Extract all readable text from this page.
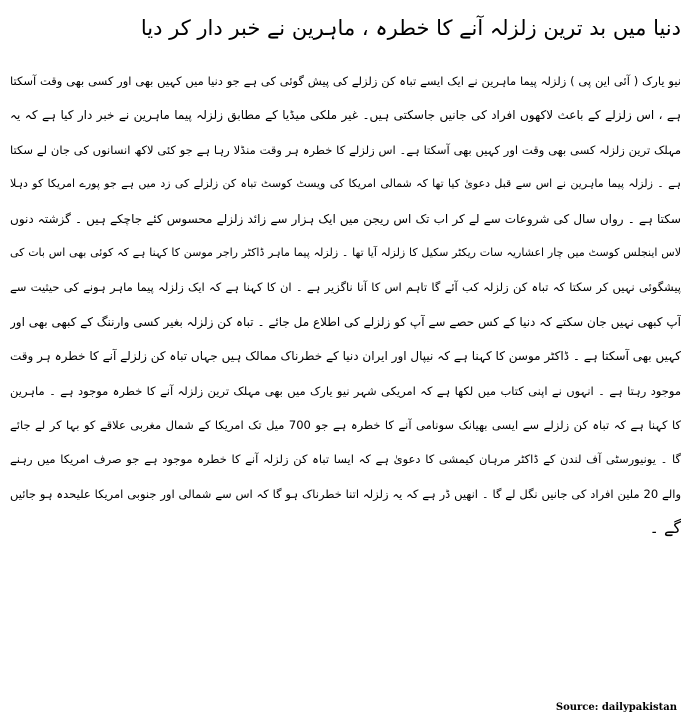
دنیا میں بد ترین زلزلہ آنے کا خطرہ ، ماہرین نے خبر دار کر دیا
نیو یارک ( آئی این پی ) زلزلہ پیما ماہرین نے ایک ایسے تباہ کن زلزلے کی پیش گوئی کی ہے جو دنیا میں کہیں بھی اور کسی بھی وقت آسکتا
ہے ، اس زلزلے کے باعث لاکھوں افراد کی جانیں جاسکتی ہیں۔ غیر ملکی میڈیا کے مطابق زلزلہ پیما ماہرین نے خبر دار کیا ہے کہ یہ
مہلک ترین زلزلہ کسی بھی وقت اور کہیں بھی آسکتا ہے۔ اس زلزلے کا خطرہ ہر وقت منڈلا رہا ہے جو کئی لاکھ انسانوں کی جان لے سکتا
ہے ۔ زلزلہ پیما ماہرین نے اس سے قبل دعویٰ کیا تھا کہ شمالی امریکا کی ویسٹ کوسٹ تباہ کن زلزلے کی زد میں ہے جو پورے امریکا کو دہلا
سکتا ہے ۔ رواں سال کی شروعات سے لے کر اب تک اس ریجن میں ایک ہزار سے زائد زلزلے محسوس کئے جاچکے ہیں ۔ گزشتہ دنوں
لاس اینجلس کوسٹ میں چار اعشاریہ سات ریکٹر سکیل کا زلزلہ آیا تھا ۔ زلزلہ پیما ماہر ڈاکٹر راجر موسن کا کہنا ہے کہ کوئی بھی اس بات کی
پیشگوئی نہیں کر سکتا کہ تباہ کن زلزلہ کب آئے گا تاہم اس کا آنا ناگزیر ہے ۔ ان کا کہنا ہے کہ ایک زلزلہ پیما ماہر ہونے کی حیثیت سے
آپ کبھی نہیں جان سکتے کہ دنیا کے کس حصے سے آپ کو زلزلے کی اطلاع مل جائے ۔ تباہ کن زلزلہ بغیر کسی وارننگ کے کبھی بھی اور
کہیں بھی آسکتا ہے ۔ ڈاکٹر موسن کا کہنا ہے کہ نیپال اور ایران دنیا کے خطرناک ممالک ہیں جہاں تباہ کن زلزلے آنے کا خطرہ ہر وقت
موجود رہتا ہے ۔ انہوں نے اپنی کتاب میں لکھا ہے کہ امریکی شہر نیو یارک میں بھی مہلک ترین زلزلہ آنے کا خطرہ موجود ہے ۔ ماہرین
کا کہنا ہے کہ تباہ کن زلزلے سے ایسی بھیانک سونامی آنے کا خطرہ ہے جو 700 میل تک امریکا کے شمال مغربی علاقے کو بہا کر لے جائے
گا ۔ یونیورسٹی آف لندن کے ڈاکٹر مرہان کیمشی کا دعویٰ ہے کہ ایسا تباہ کن زلزلہ آنے کا خطرہ موجود ہے جو صرف امریکا میں رہنے
والے 20 ملین افراد کی جانیں نگل لے گا ۔ انھیں ڈر ہے کہ یہ زلزلہ اتنا خطرناک ہو گا کہ اس سے شمالی اور جنوبی امریکا علیحدہ ہو جائیں
گے ۔
Source: dailypakistan
